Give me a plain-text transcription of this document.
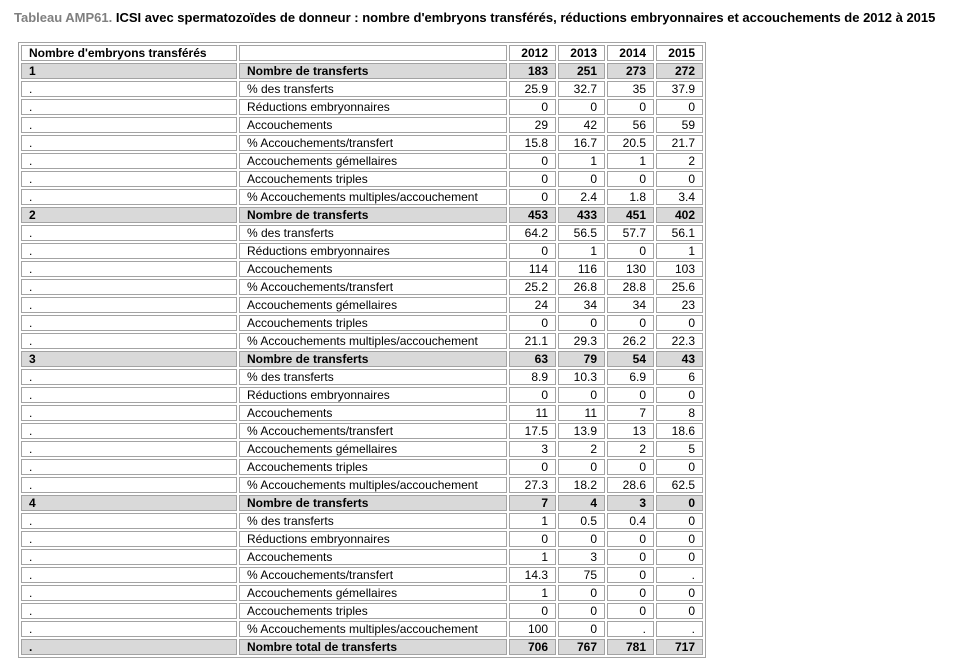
Tableau AMP61. ICSI avec spermatozoïdes de donneur : nombre d'embryons transférés, réductions embryonnaires et accouchements de 2012 à 2015
Nombre d'embryons transférés		2012	2013	2014	2015
1	Nombre de transferts	183	251	273	272
.	% des transferts	25.9	32.7	35	37.9
.	Réductions embryonnaires	0	0	0	0
.	Accouchements	29	42	56	59
.	% Accouchements/transfert	15.8	16.7	20.5	21.7
.	Accouchements gémellaires	0	1	1	2
.	Accouchements triples	0	0	0	0
.	% Accouchements multiples/accouchement	0	2.4	1.8	3.4
2	Nombre de transferts	453	433	451	402
.	% des transferts	64.2	56.5	57.7	56.1
.	Réductions embryonnaires	0	1	0	1
.	Accouchements	114	116	130	103
.	% Accouchements/transfert	25.2	26.8	28.8	25.6
.	Accouchements gémellaires	24	34	34	23
.	Accouchements triples	0	0	0	0
.	% Accouchements multiples/accouchement	21.1	29.3	26.2	22.3
3	Nombre de transferts	63	79	54	43
.	% des transferts	8.9	10.3	6.9	6
.	Réductions embryonnaires	0	0	0	0
.	Accouchements	11	11	7	8
.	% Accouchements/transfert	17.5	13.9	13	18.6
.	Accouchements gémellaires	3	2	2	5
.	Accouchements triples	0	0	0	0
.	% Accouchements multiples/accouchement	27.3	18.2	28.6	62.5
4	Nombre de transferts	7	4	3	0
.	% des transferts	1	0.5	0.4	0
.	Réductions embryonnaires	0	0	0	0
.	Accouchements	1	3	0	0
.	% Accouchements/transfert	14.3	75	0	.
.	Accouchements gémellaires	1	0	0	0
.	Accouchements triples	0	0	0	0
.	% Accouchements multiples/accouchement	100	0	.	.
.	Nombre total de transferts	706	767	781	717
